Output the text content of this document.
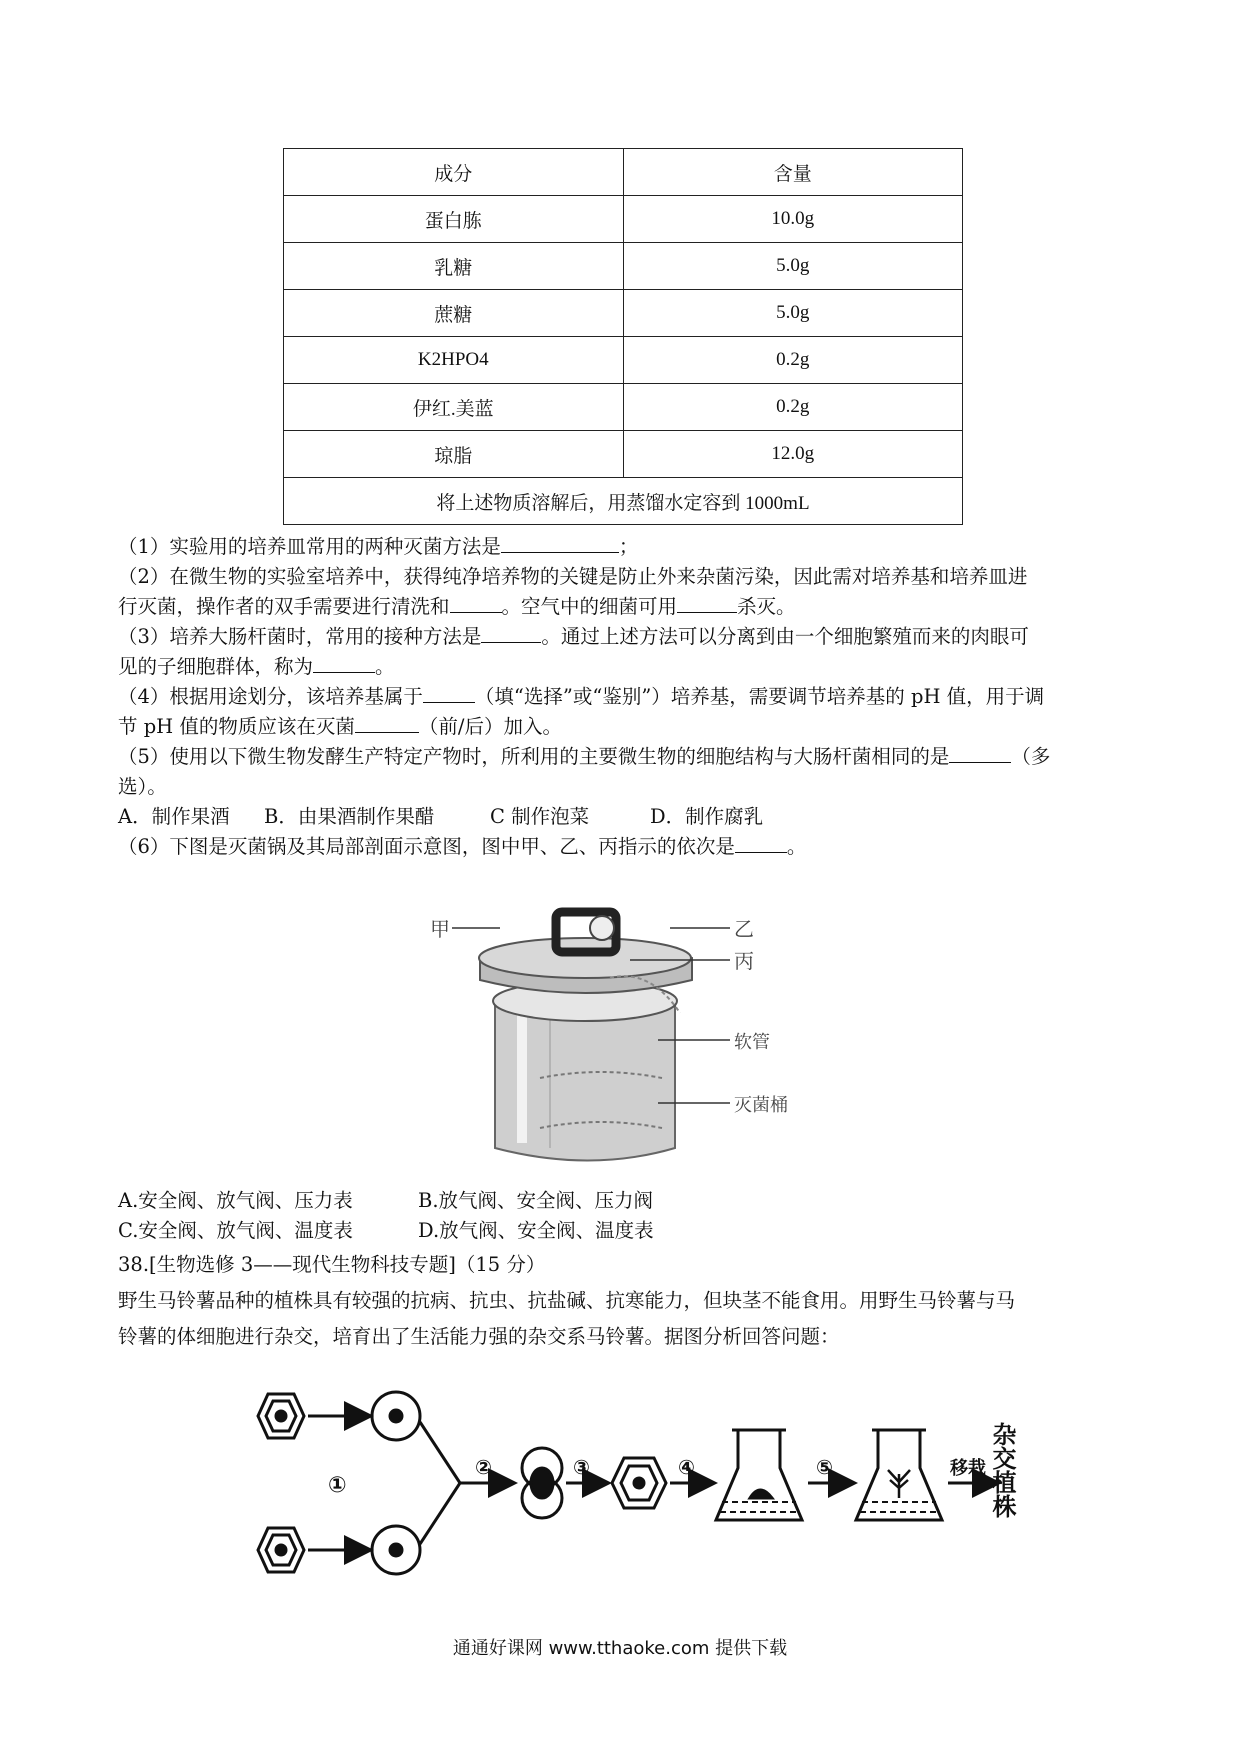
成分	含量
蛋白胨	10.0g
乳糖	5.0g
蔗糖	5.0g
K2HPO4	0.2g
伊红.美蓝	0.2g
琼脂	12.0g
将上述物质溶解后，用蒸馏水定容到 1000mL	
（1）实验用的培养皿常用的两种灭菌方法是	；
（2）在微生物的实验室培养中，获得纯净培养物的关键是防止外来杂菌污染，因此需对培养基和培养皿进
行灭菌，操作者的双手需要进行清洗和	。空气中的细菌可用	杀灭。
（3）培养大肠杆菌时，常用的接种方法是	。通过上述方法可以分离到由一个细胞繁殖而来的肉眼可
见的子细胞群体，称为	。
（4）根据用途划分，该培养基属于	（填“选择”或“鉴别”）培养基，需要调节培养基的 pH 值，用于调
节 pH 值的物质应该在灭菌	（前/后）加入。
（5）使用以下微生物发酵生产特定产物时，所利用的主要微生物的细胞结构与大肠杆菌相同的是	（多
选）。
A．制作果酒 B．由果酒制作果醋	C 制作泡菜	D．制作腐乳
（6）下图是灭菌锅及其局部剖面示意图，图中甲、乙、丙指示的依次是	。
甲	乙
丙
软管
灭菌桶
A.安全阀、放气阀、压力表	B.放气阀、安全阀、压力阀
C.安全阀、放气阀、温度表	D.放气阀、安全阀、温度表
38.[生物选修 3——现代生物科技专题]（15 分）
野生马铃薯品种的植株具有较强的抗病、抗虫、抗盐碱、抗寒能力，但块茎不能食用。用野生马铃薯与马
铃薯的体细胞进行杂交，培育出了生活能力强的杂交系马铃薯。据图分析回答问题：
①
②	③	④	⑤	移栽 杂交植株
通通好课网 www.tthaoke.com 提供下载
